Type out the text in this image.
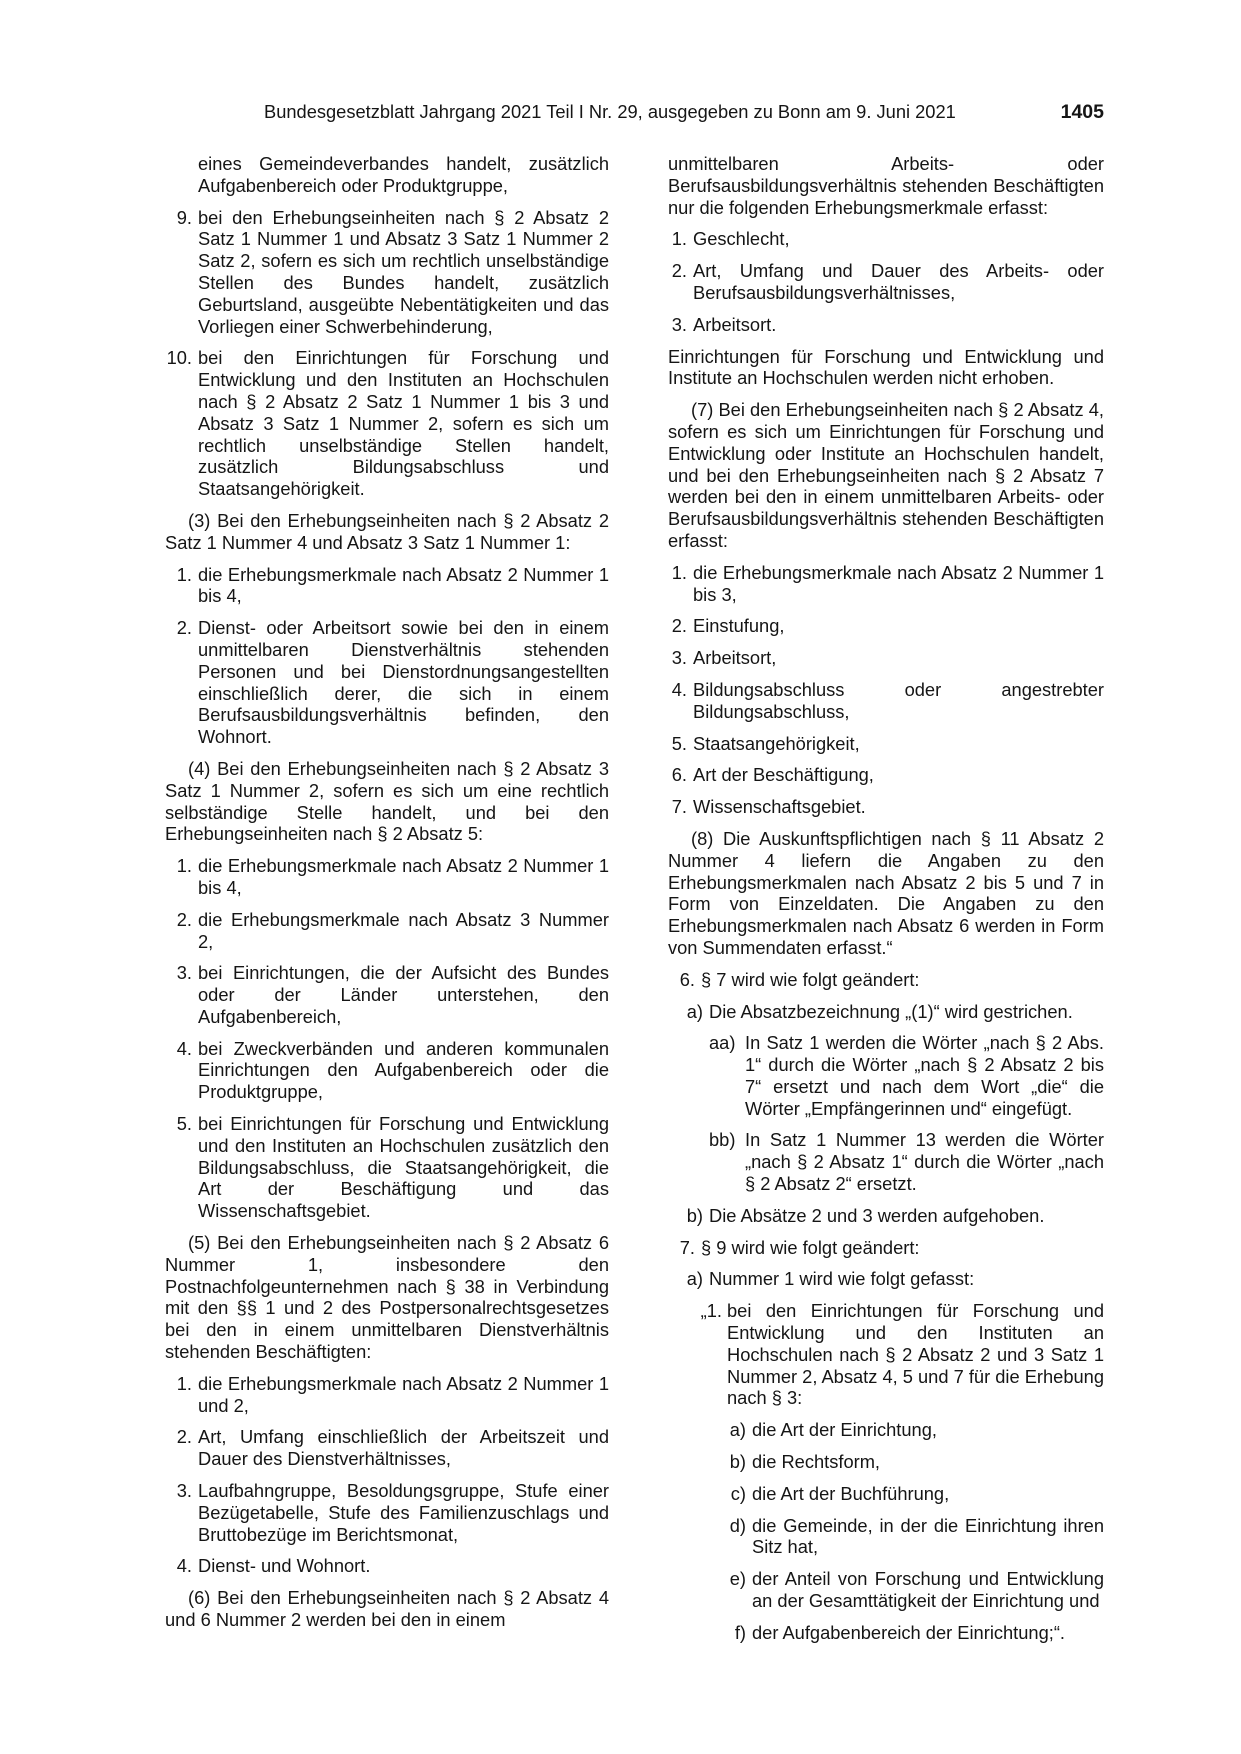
Bundesgesetzblatt Jahrgang 2021 Teil I Nr. 29, ausgegeben zu Bonn am 9. Juni 2021	1405
eines Gemeindeverbandes handelt, zusätzlich Aufgabenbereich oder Produktgruppe,
9. bei den Erhebungseinheiten nach § 2 Absatz 2 Satz 1 Nummer 1 und Absatz 3 Satz 1 Nummer 2 Satz 2, sofern es sich um rechtlich unselbständige Stellen des Bundes handelt, zusätzlich Geburtsland, ausgeübte Nebentätigkeiten und das Vorliegen einer Schwerbehinderung,
10. bei den Einrichtungen für Forschung und Entwicklung und den Instituten an Hochschulen nach § 2 Absatz 2 Satz 1 Nummer 1 bis 3 und Absatz 3 Satz 1 Nummer 2, sofern es sich um rechtlich unselbständige Stellen handelt, zusätzlich Bildungsabschluss und Staatsangehörigkeit.

(3) Bei den Erhebungseinheiten nach § 2 Absatz 2 Satz 1 Nummer 4 und Absatz 3 Satz 1 Nummer 1:

1. die Erhebungsmerkmale nach Absatz 2 Nummer 1 bis 4,
2. Dienst- oder Arbeitsort sowie bei den in einem unmittelbaren Dienstverhältnis stehenden Personen und bei Dienstordnungsangestellten einschließlich derer, die sich in einem Berufsausbildungsverhältnis befinden, den Wohnort.

(4) Bei den Erhebungseinheiten nach § 2 Absatz 3 Satz 1 Nummer 2, sofern es sich um eine rechtlich selbständige Stelle handelt, und bei den Erhebungseinheiten nach § 2 Absatz 5:

1. die Erhebungsmerkmale nach Absatz 2 Nummer 1 bis 4,
2. die Erhebungsmerkmale nach Absatz 3 Nummer 2,
3. bei Einrichtungen, die der Aufsicht des Bundes oder der Länder unterstehen, den Aufgabenbereich,
4. bei Zweckverbänden und anderen kommunalen Einrichtungen den Aufgabenbereich oder die Produktgruppe,
5. bei Einrichtungen für Forschung und Entwicklung und den Instituten an Hochschulen zusätzlich den Bildungsabschluss, die Staatsangehörigkeit, die Art der Beschäftigung und das Wissenschaftsgebiet.

(5) Bei den Erhebungseinheiten nach § 2 Absatz 6 Nummer 1, insbesondere den Postnachfolgeunternehmen nach § 38 in Verbindung mit den §§ 1 und 2 des Postpersonalrechtsgesetzes bei den in einem unmittelbaren Dienstverhältnis stehenden Beschäftigten:

1. die Erhebungsmerkmale nach Absatz 2 Nummer 1 und 2,
2. Art, Umfang einschließlich der Arbeitszeit und Dauer des Dienstverhältnisses,
3. Laufbahngruppe, Besoldungsgruppe, Stufe einer Bezügetabelle, Stufe des Familienzuschlags und Bruttobezüge im Berichtsmonat,
4. Dienst- und Wohnort.

(6) Bei den Erhebungseinheiten nach § 2 Absatz 4 und 6 Nummer 2 werden bei den in einem

unmittelbaren Arbeits- oder Berufsausbildungsverhältnis stehenden Beschäftigten nur die folgenden Erhebungsmerkmale erfasst:

1. Geschlecht,
2. Art, Umfang und Dauer des Arbeits- oder Berufsausbildungsverhältnisses,
3. Arbeitsort.

Einrichtungen für Forschung und Entwicklung und Institute an Hochschulen werden nicht erhoben.

(7) Bei den Erhebungseinheiten nach § 2 Absatz 4, sofern es sich um Einrichtungen für Forschung und Entwicklung oder Institute an Hochschulen handelt, und bei den Erhebungseinheiten nach § 2 Absatz 7 werden bei den in einem unmittelbaren Arbeits- oder Berufsausbildungsverhältnis stehenden Beschäftigten erfasst:

1. die Erhebungsmerkmale nach Absatz 2 Nummer 1 bis 3,
2. Einstufung,
3. Arbeitsort,
4. Bildungsabschluss oder angestrebter Bildungsabschluss,
5. Staatsangehörigkeit,
6. Art der Beschäftigung,
7. Wissenschaftsgebiet.

(8) Die Auskunftspflichtigen nach § 11 Absatz 2 Nummer 4 liefern die Angaben zu den Erhebungsmerkmalen nach Absatz 2 bis 5 und 7 in Form von Einzeldaten. Die Angaben zu den Erhebungsmerkmalen nach Absatz 6 werden in Form von Summendaten erfasst.“

6. § 7 wird wie folgt geändert:
a) Die Absatzbezeichnung „(1)“ wird gestrichen.
aa) In Satz 1 werden die Wörter „nach § 2 Abs. 1“ durch die Wörter „nach § 2 Absatz 2 bis 7“ ersetzt und nach dem Wort „die“ die Wörter „Empfängerinnen und“ eingefügt.
bb) In Satz 1 Nummer 13 werden die Wörter „nach § 2 Absatz 1“ durch die Wörter „nach § 2 Absatz 2“ ersetzt.
b) Die Absätze 2 und 3 werden aufgehoben.
7. § 9 wird wie folgt geändert:
a) Nummer 1 wird wie folgt gefasst:
„1. bei den Einrichtungen für Forschung und Entwicklung und den Instituten an Hochschulen nach § 2 Absatz 2 und 3 Satz 1 Nummer 2, Absatz 4, 5 und 7 für die Erhebung nach § 3:
a) die Art der Einrichtung,
b) die Rechtsform,
c) die Art der Buchführung,
d) die Gemeinde, in der die Einrichtung ihren Sitz hat,
e) der Anteil von Forschung und Entwicklung an der Gesamttätigkeit der Einrichtung und
f) der Aufgabenbereich der Einrichtung;“.
